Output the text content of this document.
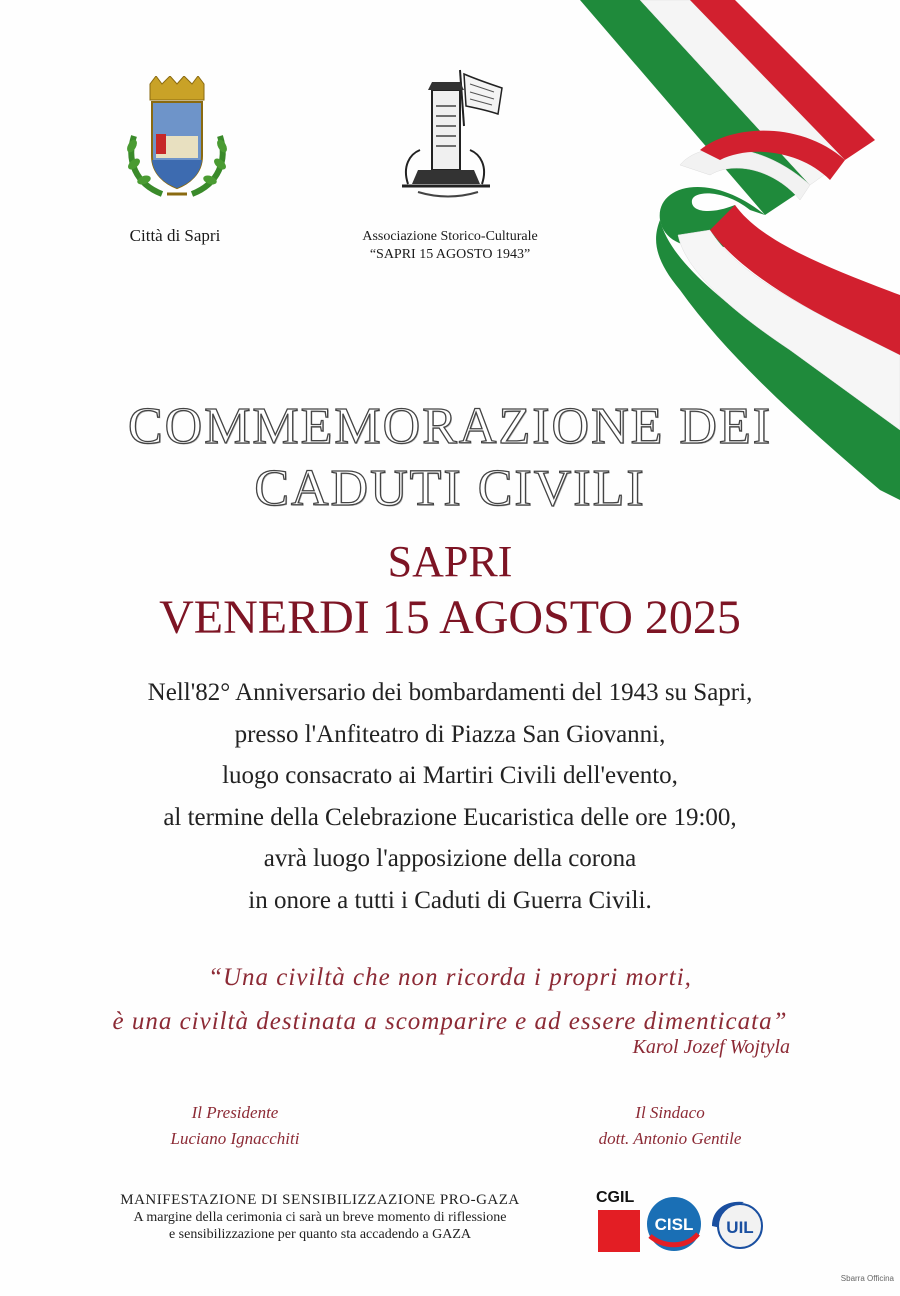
Città di Sapri	Associazione Storico-Culturale
“SAPRI 15 AGOSTO 1943”
COMMEMORAZIONE DEI
CADUTI CIVILI
SAPRI
VENERDI 15 AGOSTO 2025

Nell'82° Anniversario dei bombardamenti del 1943 su Sapri,

presso l'Anfiteatro di Piazza San Giovanni,

luogo consacrato ai Martiri Civili dell'evento,

al termine della Celebrazione Eucaristica delle ore 19:00,

avrà luogo l'apposizione della corona

in onore a tutti i Caduti di Guerra Civili.

“Una civiltà che non ricorda i propri morti,

è una civiltà destinata a scomparire e ad essere dimenticata”

Karol Jozef Wojtyla
Il Presidente
Luciano Ignacchiti
Il Sindaco
dott. Antonio Gentile
MANIFESTAZIONE DI SENSIBILIZZAZIONE PRO-GAZA
A margine della cerimonia ci sarà un breve momento di riflessione
e sensibilizzazione per quanto sta accadendo a GAZA
CGIL
CISL UIL
Sbarra Officina
